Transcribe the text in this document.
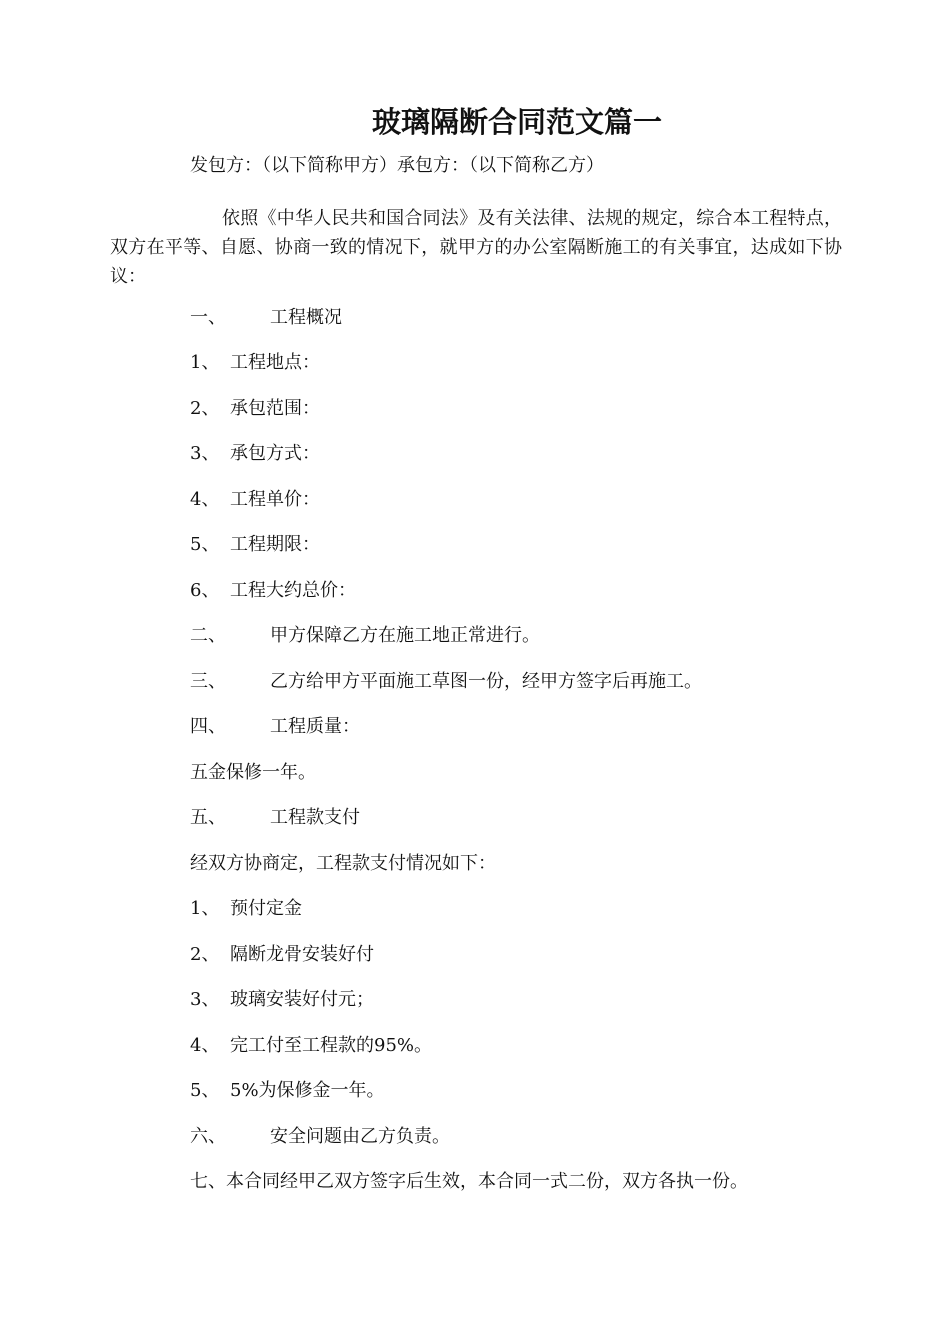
玻璃隔断合同范文篇一
发包方：（以下简称甲方）承包方：（以下简称乙方）
依照《中华人民共和国合同法》及有关法律、法规的规定，综合本工程特点，双方在平等、自愿、协商一致的情况下，就甲方的办公室隔断施工的有关事宜，达成如下协议：
一、 工程概况
1、 工程地点：
2、 承包范围：
3、 承包方式：
4、 工程单价：
5、 工程期限：
6、 工程大约总价：
二、 甲方保障乙方在施工地正常进行。
三、 乙方给甲方平面施工草图一份，经甲方签字后再施工。
四、 工程质量：
五金保修一年。
五、 工程款支付
经双方协商定，工程款支付情况如下：
1、 预付定金
2、 隔断龙骨安装好付
3、 玻璃安装好付元；
4、 完工付至工程款的95%。
5、 5%为保修金一年。
六、 安全问题由乙方负责。
七、本合同经甲乙双方签字后生效，本合同一式二份，双方各执一份。
